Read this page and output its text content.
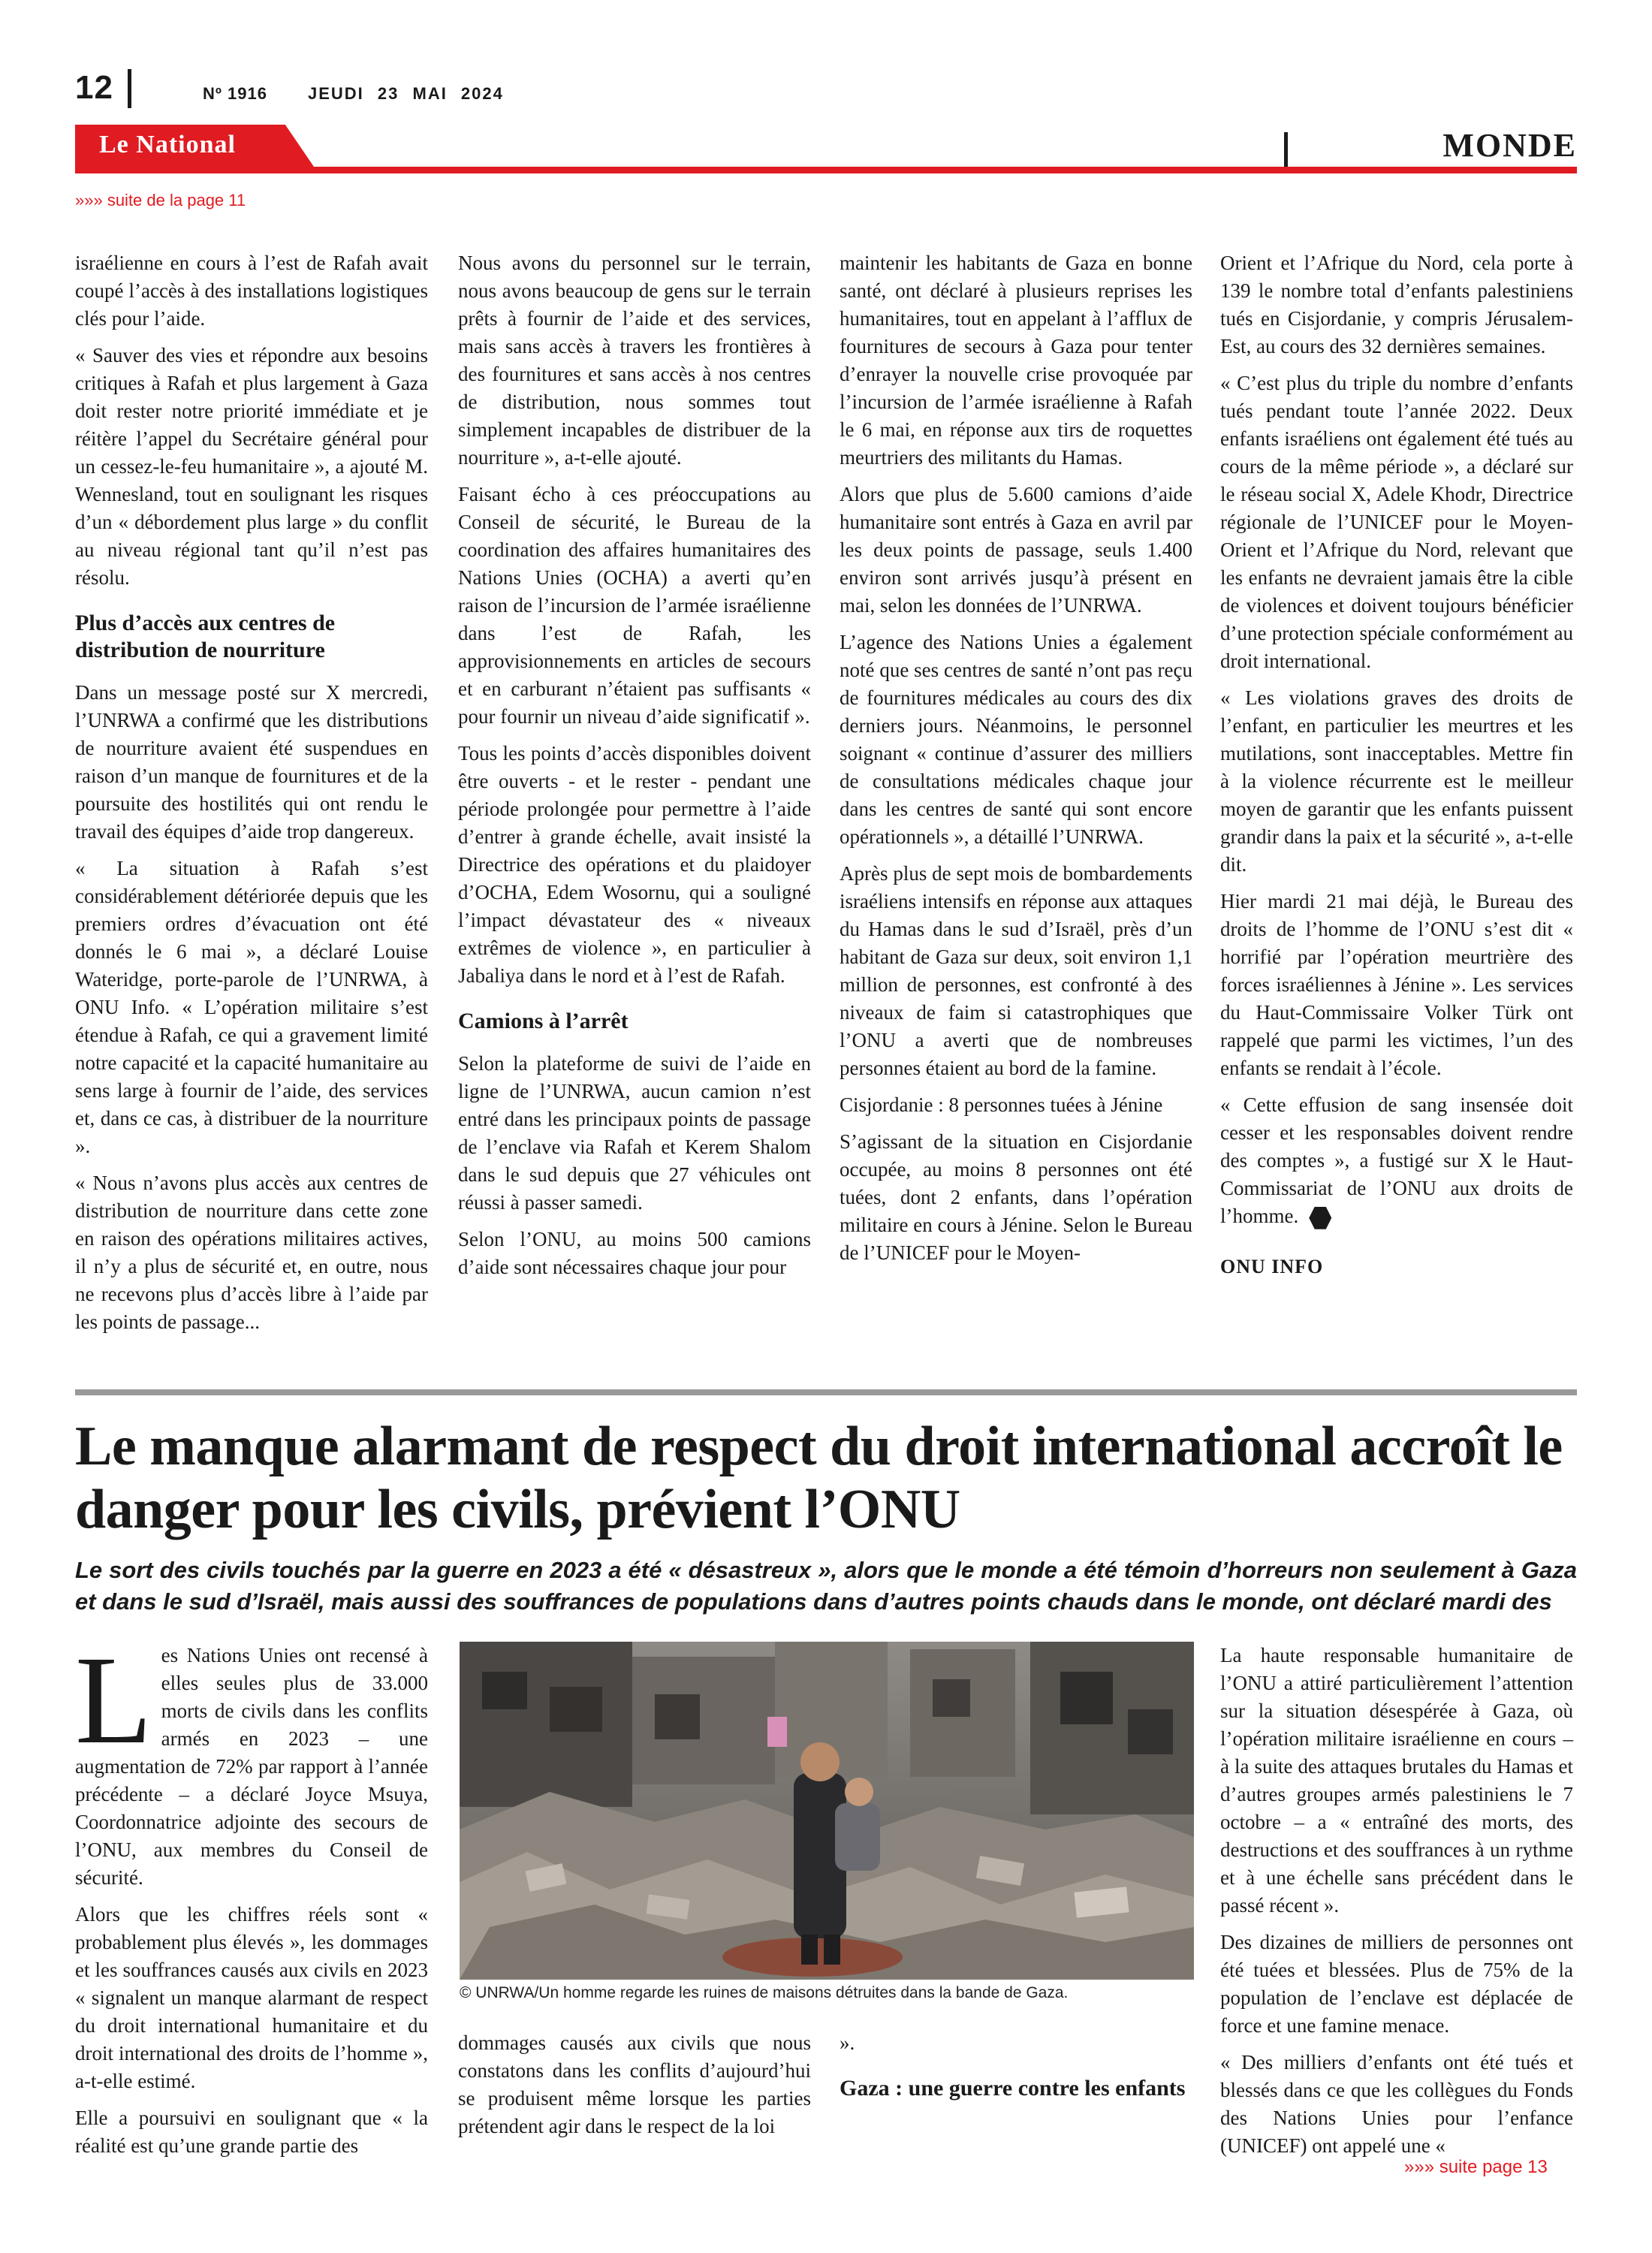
12	Nº 1916 JEUDI 23 MAI 2024
Le National	MONDE
»»» suite de la page 11

israélienne en cours à l’est de Rafah avait coupé l’accès à des installations logistiques clés pour l’aide.

« Sauver des vies et répondre aux besoins critiques à Rafah et plus largement à Gaza doit rester notre priorité immédiate et je réitère l’appel du Secrétaire général pour un cessez-le-feu humanitaire », a ajouté M. Wennesland, tout en soulignant les risques d’un « débordement plus large » du conflit au niveau régional tant qu’il n’est pas résolu.

Plus d’accès aux centres de distribution de nourriture

Dans un message posté sur X mercredi, l’UNRWA a confirmé que les distributions de nourriture avaient été suspendues en raison d’un manque de fournitures et de la poursuite des hostilités qui ont rendu le travail des équipes d’aide trop dangereux.

« La situation à Rafah s’est considérablement détériorée depuis que les premiers ordres d’évacuation ont été donnés le 6 mai », a déclaré Louise Wateridge, porte-parole de l’UNRWA, à ONU Info. « L’opération militaire s’est étendue à Rafah, ce qui a gravement limité notre capacité et la capacité humanitaire au sens large à fournir de l’aide, des services et, dans ce cas, à distribuer de la nourriture ».

« Nous n’avons plus accès aux centres de distribution de nourriture dans cette zone en raison des opérations militaires actives, il n’y a plus de sécurité et, en outre, nous ne recevons plus d’accès libre à l’aide par les points de passage...

Nous avons du personnel sur le terrain, nous avons beaucoup de gens sur le terrain prêts à fournir de l’aide et des services, mais sans accès à travers les frontières à des fournitures et sans accès à nos centres de distribution, nous sommes tout simplement incapables de distribuer de la nourriture », a-t-elle ajouté.

Faisant écho à ces préoccupations au Conseil de sécurité, le Bureau de la coordination des affaires humanitaires des Nations Unies (OCHA) a averti qu’en raison de l’incursion de l’armée israélienne dans l’est de Rafah, les approvisionnements en articles de secours et en carburant n’étaient pas suffisants « pour fournir un niveau d’aide significatif ».

Tous les points d’accès disponibles doivent être ouverts - et le rester - pendant une période prolongée pour permettre à l’aide d’entrer à grande échelle, avait insisté la Directrice des opérations et du plaidoyer d’OCHA, Edem Wosornu, qui a souligné l’impact dévastateur des « niveaux extrêmes de violence », en particulier à Jabaliya dans le nord et à l’est de Rafah.

Camions à l’arrêt

Selon la plateforme de suivi de l’aide en ligne de l’UNRWA, aucun camion n’est entré dans les principaux points de passage de l’enclave via Rafah et Kerem Shalom dans le sud depuis que 27 véhicules ont réussi à passer samedi.

Selon l’ONU, au moins 500 camions d’aide sont nécessaires chaque jour pour

maintenir les habitants de Gaza en bonne santé, ont déclaré à plusieurs reprises les humanitaires, tout en appelant à l’afflux de fournitures de secours à Gaza pour tenter d’enrayer la nouvelle crise provoquée par l’incursion de l’armée israélienne à Rafah le 6 mai, en réponse aux tirs de roquettes meurtriers des militants du Hamas.

Alors que plus de 5.600 camions d’aide humanitaire sont entrés à Gaza en avril par les deux points de passage, seuls 1.400 environ sont arrivés jusqu’à présent en mai, selon les données de l’UNRWA.

L’agence des Nations Unies a également noté que ses centres de santé n’ont pas reçu de fournitures médicales au cours des dix derniers jours. Néanmoins, le personnel soignant « continue d’assurer des milliers de consultations médicales chaque jour dans les centres de santé qui sont encore opérationnels », a détaillé l’UNRWA.

Après plus de sept mois de bombardements israéliens intensifs en réponse aux attaques du Hamas dans le sud d’Israël, près d’un habitant de Gaza sur deux, soit environ 1,1 million de personnes, est confronté à des niveaux de faim si catastrophiques que l’ONU a averti que de nombreuses personnes étaient au bord de la famine.

Cisjordanie : 8 personnes tuées à Jénine

S’agissant de la situation en Cisjordanie occupée, au moins 8 personnes ont été tuées, dont 2 enfants, dans l’opération militaire en cours à Jénine. Selon le Bureau de l’UNICEF pour le Moyen-

Orient et l’Afrique du Nord, cela porte à 139 le nombre total d’enfants palestiniens tués en Cisjordanie, y compris Jérusalem-Est, au cours des 32 dernières semaines.

« C’est plus du triple du nombre d’enfants tués pendant toute l’année 2022. Deux enfants israéliens ont également été tués au cours de la même période », a déclaré sur le réseau social X, Adele Khodr, Directrice régionale de l’UNICEF pour le Moyen-Orient et l’Afrique du Nord, relevant que les enfants ne devraient jamais être la cible de violences et doivent toujours bénéficier d’une protection spéciale conformément au droit international.

« Les violations graves des droits de l’enfant, en particulier les meurtres et les mutilations, sont inacceptables. Mettre fin à la violence récurrente est le meilleur moyen de garantir que les enfants puissent grandir dans la paix et la sécurité », a-t-elle dit.

Hier mardi 21 mai déjà, le Bureau des droits de l’homme de l’ONU s’est dit « horrifié par l’opération meurtrière des forces israéliennes à Jénine ». Les services du Haut-Commissaire Volker Türk ont rappelé que parmi les victimes, l’un des enfants se rendait à l’école.

« Cette effusion de sang insensée doit cesser et les responsables doivent rendre des comptes », a fustigé sur X le Haut-Commissariat de l’ONU aux droits de l’homme.

ONU INFO
Le manque alarmant de respect du droit international accroît le danger pour les civils, prévient l’ONU
Le sort des civils touchés par la guerre en 2023 a été « désastreux », alors que le monde a été témoin d’horreurs non seulement à Gaza et dans le sud d’Israël, mais aussi des souffrances de populations dans d’autres points chauds dans le monde, ont déclaré mardi des

Les Nations Unies ont recensé à elles seules plus de 33.000 morts de civils dans les conflits armés en 2023 – une augmentation de 72% par rapport à l’année précédente – a déclaré Joyce Msuya, Coordonnatrice adjointe des secours de l’ONU, aux membres du Conseil de sécurité.

Alors que les chiffres réels sont « probablement plus élevés », les dommages et les souffrances causés aux civils en 2023 « signalent un manque alarmant de respect du droit international humanitaire et du droit international des droits de l’homme », a-t-elle estimé.

Elle a poursuivi en soulignant que « la réalité est qu’une grande partie des

© UNRWA/Un homme regarde les ruines de maisons détruites dans la bande de Gaza.

dommages causés aux civils que nous constatons dans les conflits d’aujourd’hui se produisent même lorsque les parties prétendent agir dans le respect de la loi

».

Gaza : une guerre contre les enfants

La haute responsable humanitaire de l’ONU a attiré particulièrement l’attention sur la situation désespérée à Gaza, où l’opération militaire israélienne en cours – à la suite des attaques brutales du Hamas et d’autres groupes armés palestiniens le 7 octobre – a « entraîné des morts, des destructions et des souffrances à un rythme et à une échelle sans précédent dans le passé récent ».

Des dizaines de milliers de personnes ont été tuées et blessées. Plus de 75% de la population de l’enclave est déplacée de force et une famine menace.

« Des milliers d’enfants ont été tués et blessés dans ce que les collègues du Fonds des Nations Unies pour l’enfance (UNICEF) ont appelé une «

»»» suite page 13
